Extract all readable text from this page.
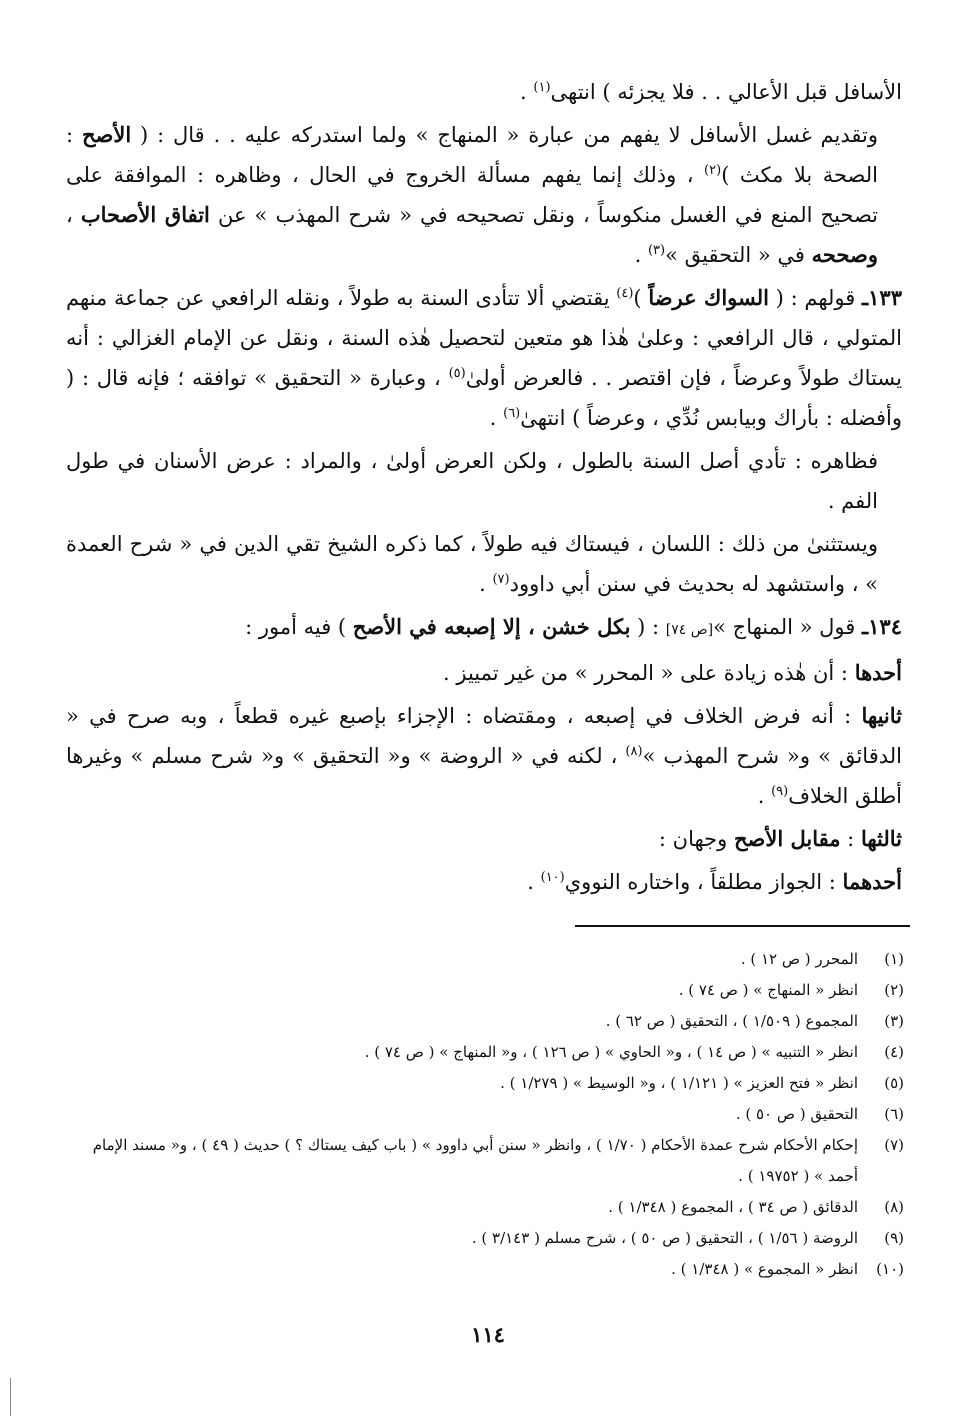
الأسافل قبل الأعالي . . فلا يجزئه ) انتهى$^{(١)}$ .

وتقديم غسل الأسافل لا يفهم من عبارة « المنهاج » ولما استدركه عليه . . قال : ( الأصح : الصحة بلا مكث )$^{(٢)}$ ، وذلك إنما يفهم مسألة الخروج في الحال ، وظاهره : الموافقة على تصحيح المنع في الغسل منكوساً ، ونقل تصحيحه في « شرح المهذب » عن اتفاق الأصحاب ، وصححه في « التحقيق »$^{(٣)}$ .

١٣٣ـ قولهم : ( السواك عرضاً )$^{(٤)}$ يقتضي ألا تتأدى السنة به طولاً ، ونقله الرافعي عن جماعة منهم المتولي ، قال الرافعي : وعلىٰ هٰذا هو متعين لتحصيل هٰذه السنة ، ونقل عن الإمام الغزالي : أنه يستاك طولاً وعرضاً ، فإن اقتصر . . فالعرض أولىٰ$^{(٥)}$ ، وعبارة « التحقيق » توافقه ؛ فإنه قال : ( وأفضله : بأراك وبيابس نُدِّي ، وعرضاً ) انتهىٰ$^{(٦)}$ .

فظاهره : تأدي أصل السنة بالطول ، ولكن العرض أولىٰ ، والمراد : عرض الأسنان في طول الفم .

ويستثنىٰ من ذلك : اللسان ، فيستاك فيه طولاً ، كما ذكره الشيخ تقي الدين في « شرح العمدة » ، واستشهد له بحديث في سنن أبي داوود$^{(٧)}$ .

١٣٤ـ قول « المنهاج »[ص ٧٤] : ( بكل خشن ، إلا إصبعه في الأصح ) فيه أمور :

أحدها : أن هٰذه زيادة على « المحرر » من غير تمييز .

ثانيها : أنه فرض الخلاف في إصبعه ، ومقتضاه : الإجزاء بإصبع غيره قطعاً ، وبه صرح في « الدقائق » و« شرح المهذب »$^{(٨)}$ ، لكنه في « الروضة » و« التحقيق » و« شرح مسلم » وغيرها أطلق الخلاف$^{(٩)}$ .

ثالثها : مقابل الأصح وجهان :

أحدهما : الجواز مطلقاً ، واختاره النووي$^{(١٠)}$ .

(١)
المحرر ( ص ١٢ ) .
(٢)
انظر « المنهاج » ( ص ٧٤ ) .
(٣)
المجموع ( ١/٥٠٩ ) ، التحقيق ( ص ٦٢ ) .
(٤)
انظر « التنبيه » ( ص ١٤ ) ، و« الحاوي » ( ص ١٢٦ ) ، و« المنهاج » ( ص ٧٤ ) .
(٥)
انظر « فتح العزيز » ( ١/١٢١ ) ، و« الوسيط » ( ١/٢٧٩ ) .
(٦)
التحقيق ( ص ٥٠ ) .
(٧)
إحكام الأحكام شرح عمدة الأحكام ( ١/٧٠ ) ، وانظر « سنن أبي داوود » ( باب كيف يستاك ؟ ) حديث ( ٤٩ ) ، و« مسند الإمام أحمد » ( ١٩٧٥٢ ) .
(٨)
الدقائق ( ص ٣٤ ) ، المجموع ( ١/٣٤٨ ) .
(٩)
الروضة ( ١/٥٦ ) ، التحقيق ( ص ٥٠ ) ، شرح مسلم ( ٣/١٤٣ ) .
(١٠)
انظر « المجموع » ( ١/٣٤٨ ) .
١١٤
